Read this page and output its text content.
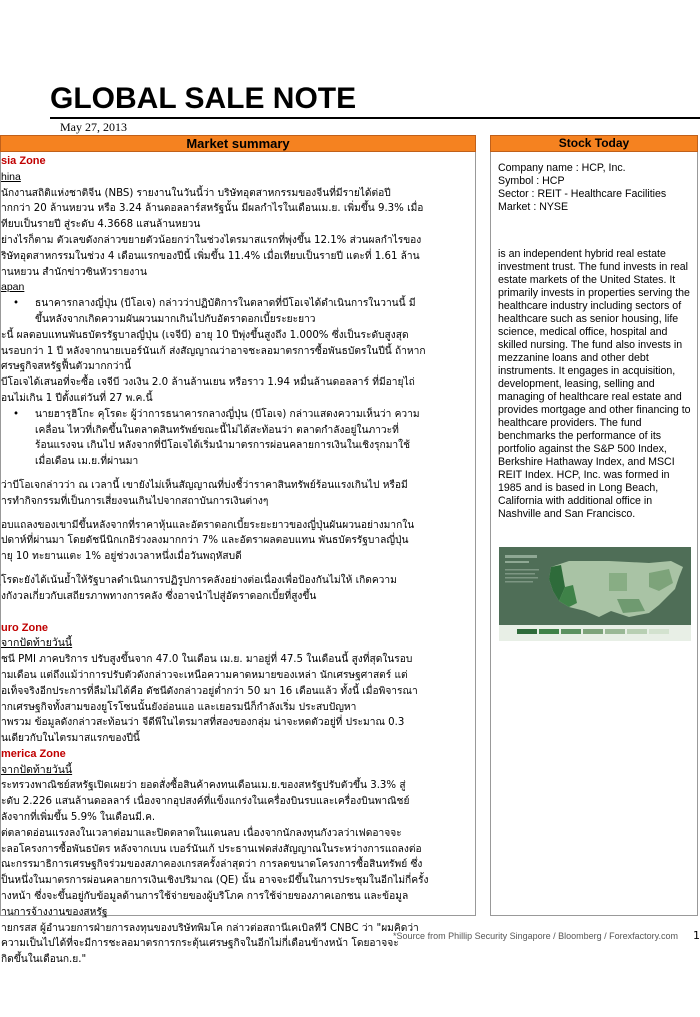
GLOBAL SALE NOTE
May 27, 2013
Market summary
sia Zone
hina

นักงานสถิติแห่งชาติจีน (NBS) รายงานในวันนี้ว่า บริษัทอุตสาหกรรมของจีนที่มีรายได้ต่อปี

ากกว่า 20 ล้านหยวน หรือ 3.24 ล้านดอลลาร์สหรัฐนั้น มีผลกำไรในเดือนเม.ย. เพิ่มขึ้น 9.3% เมื่อ

ทียบเป็นรายปี สู่ระดับ 4.3668 แสนล้านหยวน

ย่างไรก็ตาม ตัวเลขดังกล่าวขยายตัวน้อยกว่าในช่วงไตรมาสแรกที่พุ่งขึ้น 12.1% ส่วนผลกำไรของ

ริษัทอุตสาหกรรมในช่วง 4 เดือนแรกของปีนี้ เพิ่มขึ้น 11.4% เมื่อเทียบเป็นรายปี แตะที่ 1.61 ล้าน

านหยวน สำนักข่าวซินหัวรายงาน

apan
• ธนาคารกลางญี่ปุ่น (บีโอเจ) กล่าวว่าปฏิบัติการในตลาดที่บีโอเจได้ดำเนินการในวานนี้ มี

ขึ้นหลังจากเกิดความผันผวนมากเกินไปกับอัตราดอกเบี้ยระยะยาว

ะนี้ ผลตอบแทนพันธบัตรรัฐบาลญี่ปุ่น (เจจีบี) อายุ 10 ปีพุ่งขึ้นสูงถึง 1.000% ซึ่งเป็นระดับสูงสุด

นรอบกว่า 1 ปี หลังจากนายเบอร์นันเก้ ส่งสัญญาณว่าอาจชะลอมาตรการซื้อพันธบัตรในปีนี้ ถ้าหาก

ศรษฐกิจสหรัฐฟื้นตัวมากกว่านี้

บีโอเจได้เสนอที่จะซื้อ เจจีบี วงเงิน 2.0 ล้านล้านเยน หรือราว 1.94 หมื่นล้านดอลลาร์ ที่มีอายุไถ่

อนไม่เกิน 1 ปีตั้งแต่วันที่ 27 พ.ค.นี้

• นายฮารุฮิโกะ คุโรดะ ผู้ว่าการธนาคารกลางญี่ปุ่น (บีโอเจ) กล่าวแสดงความเห็นว่า ความ

เคลื่อน ไหวที่เกิดขึ้นในตลาดสินทรัพย์ขณะนี้ไม่ได้สะท้อนว่า ตลาดกำลังอยู่ในภาวะที่

ร้อนแรงจน เกินไป หลังจากที่บีโอเจได้เริ่มนำมาตรการผ่อนคลายการเงินในเชิงรุกมาใช้

เมื่อเดือน เม.ย.ที่ผ่านมา

ว่าบีโอเจกล่าวว่า ณ เวลานี้ เขายังไม่เห็นสัญญาณที่บ่งชี้ว่าราคาสินทรัพย์ร้อนแรงเกินไป หรือมี

ารทำกิจกรรมที่เป็นการเสี่ยงจนเกินไปจากสถาบันการเงินต่างๆ

อบแถลงของเขามีขึ้นหลังจากที่ราคาหุ้นและอัตราดอกเบี้ยระยะยาวของญี่ปุ่นผันผวนอย่างมากใน

ปดาห์ที่ผ่านมา โดยดัชนีนิกเกอิร่วงลงมากกว่า 7% และอัตราผลตอบแทน พันธบัตรรัฐบาลญี่ปุ่น

ายุ 10 ทะยานแตะ 1% อยู่ช่วงเวลาหนึ่งเมื่อวันพฤหัสบดี

ุโรดะยังได้เน้นย้ำให้รัฐบาลดำเนินการปฏิรูปการคลังอย่างต่อเนื่องเพื่อป้องกันไม่ให้ เกิดความ

งกังวลเกี่ยวกับเสถียรภาพทางการคลัง ซึ่งอาจนำไปสู่อัตราดอกเบี้ยที่สูงขึ้น

uro Zone
จากปัดท้ายวันนี้

ชนี PMI ภาคบริการ ปรับสูงขึ้นจาก 47.0 ในเดือน เม.ย. มาอยู่ที่ 47.5 ในเดือนนี้ สูงที่สุดในรอบ

ามเดือน แต่ถึงแม้ว่าการปรับตัวดังกล่าวจะเหนือความคาดหมายของเหล่า นักเศรษฐศาสตร์ แต่

อเท็จจริงอีกประการที่ลืมไม่ได้คือ ดัชนีดังกล่าวอยู่ต่ำกว่า 50 มา 16 เดือนแล้ว ทั้งนี้ เมื่อพิจารณา

ากเศรษฐกิจทั้งสามของยูโรโซนนั้นยังอ่อนแอ และเยอรมนีก็กำลังเริ่ม ประสบปัญหา

าพรวม ข้อมูลดังกล่าวสะท้อนว่า จีดีพีในไตรมาสที่สองของกลุ่ม น่าจะหดตัวอยู่ที่ ประมาณ 0.3

นเดียวกับในไตรมาสแรกของปีนี้

merica Zone
จากปัดท้ายวันนี้

ระทรวงพาณิชย์สหรัฐเปิดเผยว่า ยอดสั่งซื้อสินค้าคงทนเดือนเม.ย.ของสหรัฐปรับตัวขึ้น 3.3% สู่

ะดับ 2.226 แสนล้านดอลลาร์ เนื่องจากอุปสงค์ที่แข็งแกร่งในเครื่องบินรบและเครื่องบินพาณิชย์

ลังจากที่เพิ่มขึ้น 5.9% ในเดือนมี.ค.

ต่ตลาดอ่อนแรงลงในเวลาต่อมาและปิดตลาดในแดนลบ เนื่องจากนักลงทุนกังวลว่าเฟดอาจจะ

ะลอโครงการซื้อพันธบัตร หลังจากเบน เบอร์นันเก้ ประธานเฟดส่งสัญญาณในระหว่างการแถลงต่อ

ณะกรรมาธิการเศรษฐกิจร่วมของสภาคองเกรสครั้งล่าสุดว่า การลดขนาดโครงการซื้อสินทรัพย์ ซึ่ง

ป็นหนึ่งในมาตรการผ่อนคลายการเงินเชิงปริมาณ (QE) นั้น อาจจะมีขึ้นในการประชุมในอีกไม่กี่ครั้ง

างหน้า ซึ่งจะขึ้นอยู่กับข้อมูลด้านการใช้จ่ายของผู้บริโภค การใช้จ่ายของภาคเอกชน และข้อมูล

านการจ้างงานของสหรัฐ

ายกรสส ผู้อำนวยการฝ่ายการลงทุนของบริษัทพิมโค กล่าวต่อสถานีเคเบิลทีวี CNBC ว่า "ผมคิดว่า

ความเป็นไปได้ที่จะมีการชะลอมาตรการกระตุ้นเศรษฐกิจในอีกไม่กี่เดือนข้างหน้า โดยอาจจะ

กิดขึ้นในเดือนก.ย."

Stock Today
Company name : HCP, Inc.
Symbol : HCP
Sector : REIT - Healthcare Facilities
Market : NYSE
is an independent hybrid real estate investment trust. The fund invests in real estate markets of the United States. It primarily invests in properties serving the healthcare industry including sectors of healthcare such as senior housing, life science, medical office, hospital and skilled nursing. The fund also invests in mezzanine loans and other debt instruments. It engages in acquisition, development, leasing, selling and managing of healthcare real estate and provides mortgage and other financing to healthcare providers. The fund benchmarks the performance of its portfolio against the S&P 500 Index, Berkshire Hathaway Index, and MSCI REIT Index. HCP, Inc. was formed in 1985 and is based in Long Beach, California with additional office in Nashville and San Francisco.
*Source from Phillip Security Singapore / Bloomberg / Forexfactory.com 1
